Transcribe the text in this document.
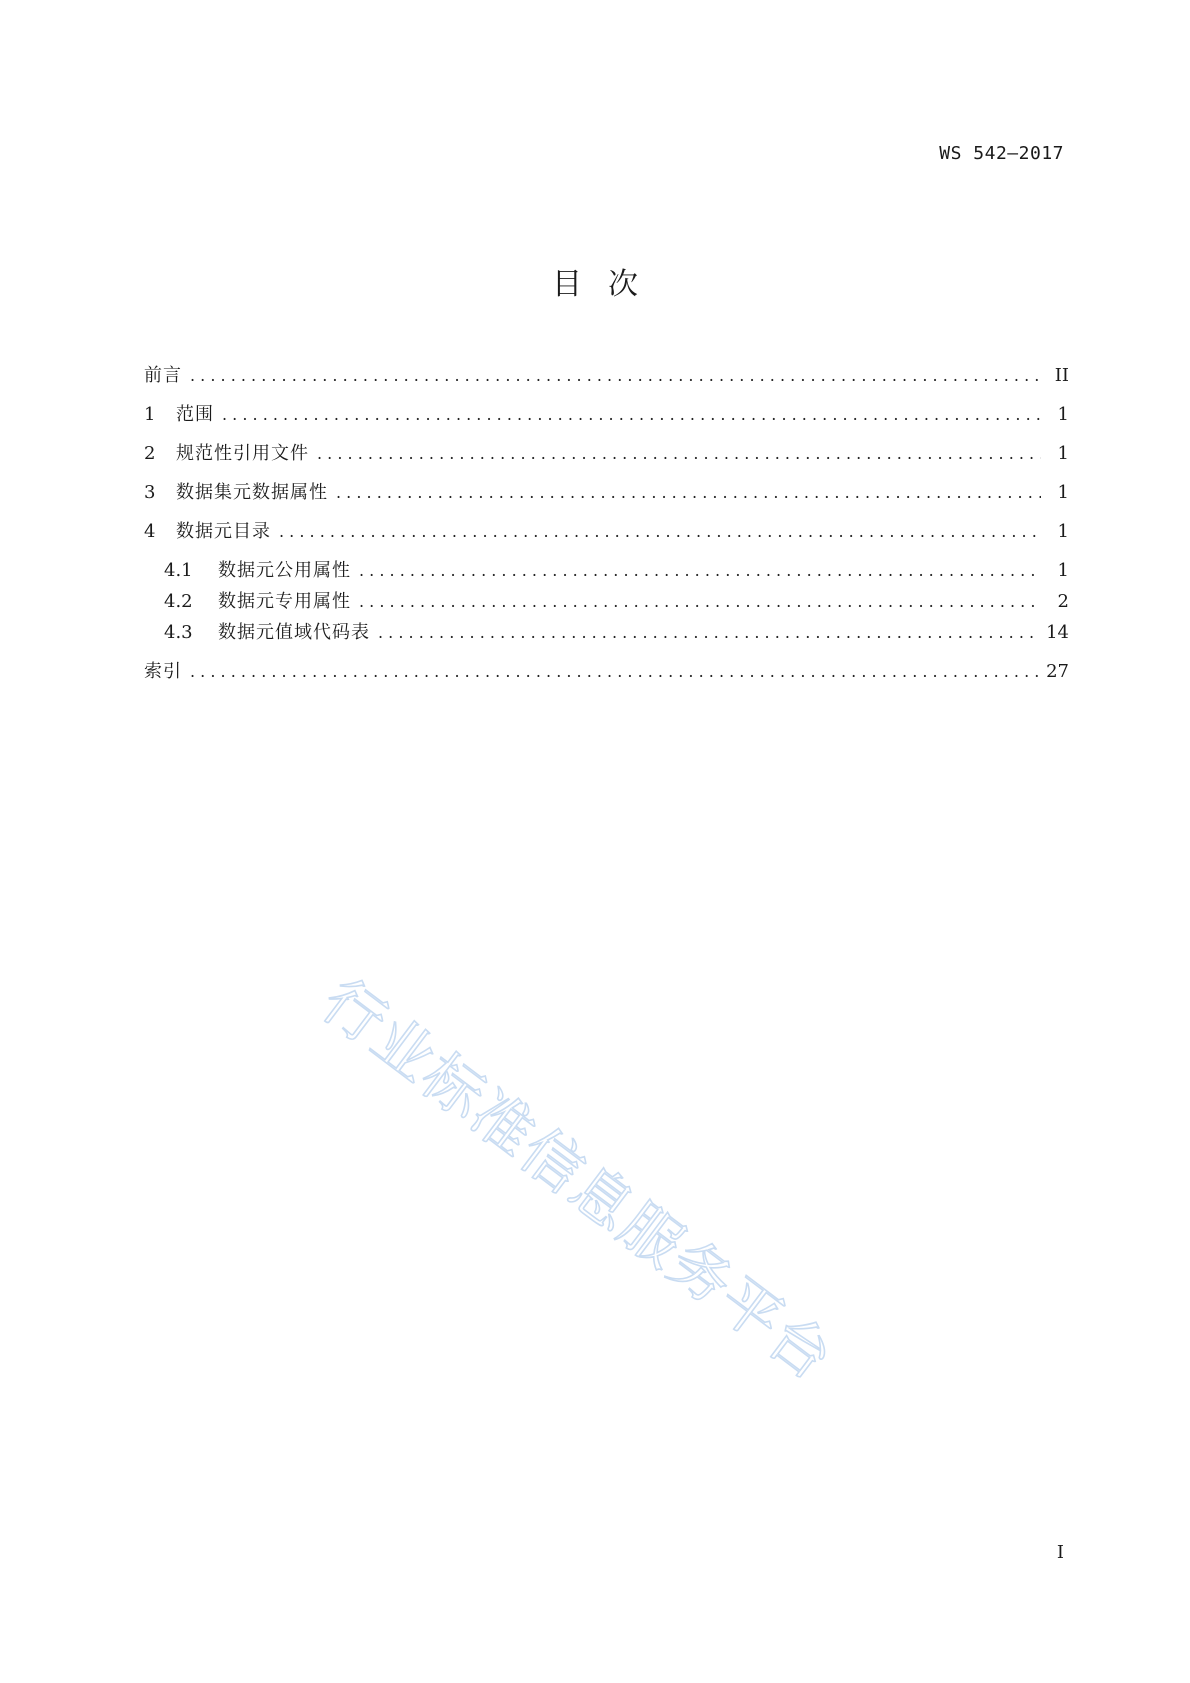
WS 542—2017
目次
前言 . . .	II
1	范围 . . .	1
2	规范性引用文件 . . .	1
3	数据集元数据属性 . . .	1
4	数据元目录 . . .	1
4.1	数据元公用属性 . . .	1
4.2	数据元专用属性 . . .	2
4.3	数据元值域代码表 . . .	14
索引 . . .	27
行业标准信息服务平台
I
